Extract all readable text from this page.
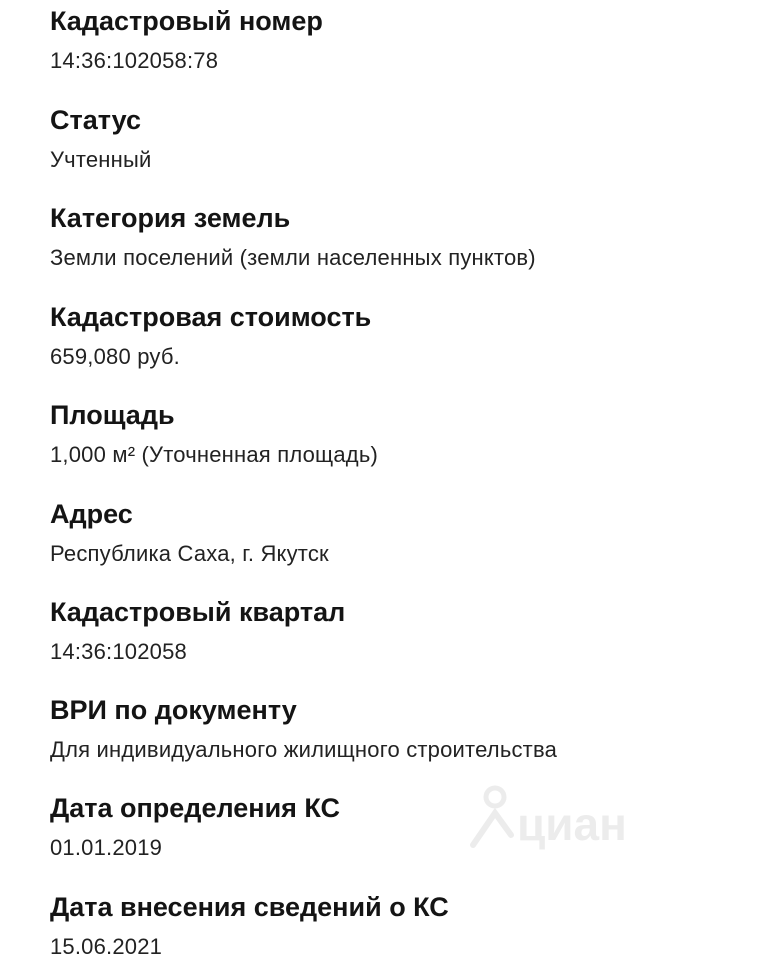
Кадастровый номер
14:36:102058:78
Статус
Учтенный
Категория земель
Земли поселений (земли населенных пунктов)
Кадастровая стоимость
659,080 руб.
Площадь
1,000 м² (Уточненная площадь)
Адрес
Республика Саха, г. Якутск
Кадастровый квартал
14:36:102058
ВРИ по документу
Для индивидуального жилищного строительства
Дата определения КС
01.01.2019
Дата внесения сведений о КС
15.06.2021
циан
